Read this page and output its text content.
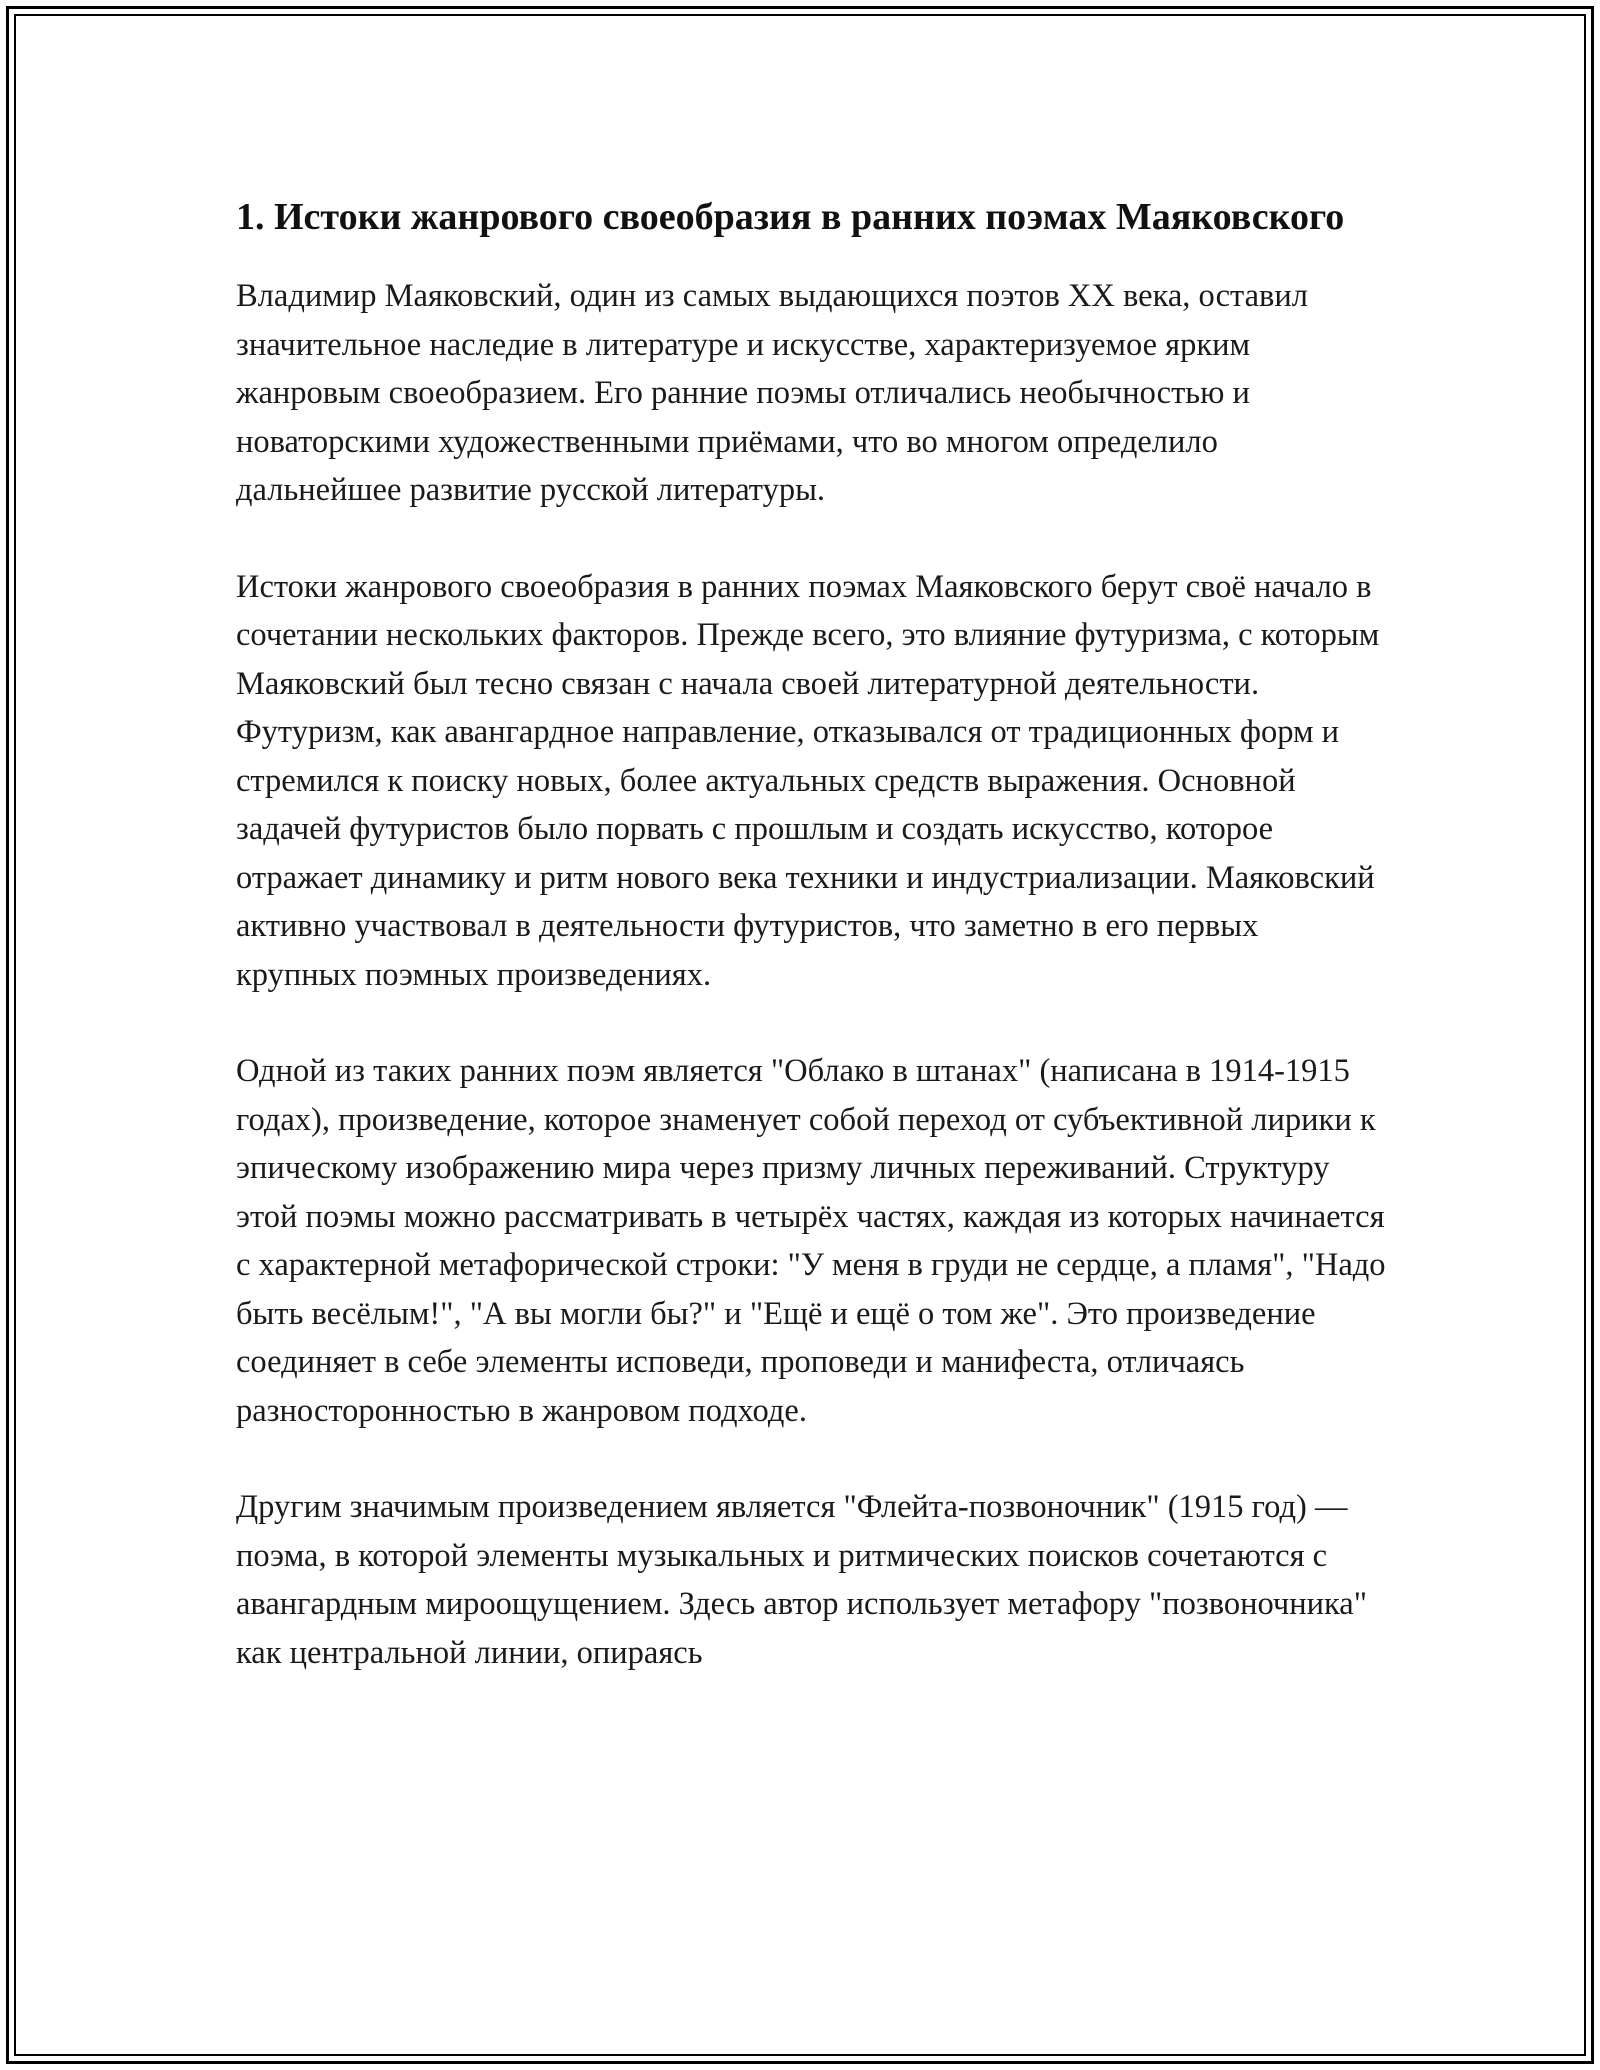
1. Истоки жанрового своеобразия в ранних поэмах Маяковского

Владимир Маяковский, один из самых выдающихся поэтов XX века, оставил значительное наследие в литературе и искусстве, характеризуемое ярким жанровым своеобразием. Его ранние поэмы отличались необычностью и новаторскими художественными приёмами, что во многом определило дальнейшее развитие русской литературы.

Истоки жанрового своеобразия в ранних поэмах Маяковского берут своё начало в сочетании нескольких факторов. Прежде всего, это влияние футуризма, с которым Маяковский был тесно связан с начала своей литературной деятельности. Футуризм, как авангардное направление, отказывался от традиционных форм и стремился к поиску новых, более актуальных средств выражения. Основной задачей футуристов было порвать с прошлым и создать искусство, которое отражает динамику и ритм нового века техники и индустриализации. Маяковский активно участвовал в деятельности футуристов, что заметно в его первых крупных поэмных произведениях.

Одной из таких ранних поэм является "Облако в штанах" (написана в 1914-1915 годах), произведение, которое знаменует собой переход от субъективной лирики к эпическому изображению мира через призму личных переживаний. Структуру этой поэмы можно рассматривать в четырёх частях, каждая из которых начинается с характерной метафорической строки: "У меня в груди не сердце, а пламя", "Надо быть весёлым!", "А вы могли бы?" и "Ещё и ещё о том же". Это произведение соединяет в себе элементы исповеди, проповеди и манифеста, отличаясь разносторонностью в жанровом подходе.

Другим значимым произведением является "Флейта-позвоночник" (1915 год) — поэма, в которой элементы музыкальных и ритмических поисков сочетаются с авангардным мироощущением. Здесь автор использует метафору "позвоночника" как центральной линии, опираясь
